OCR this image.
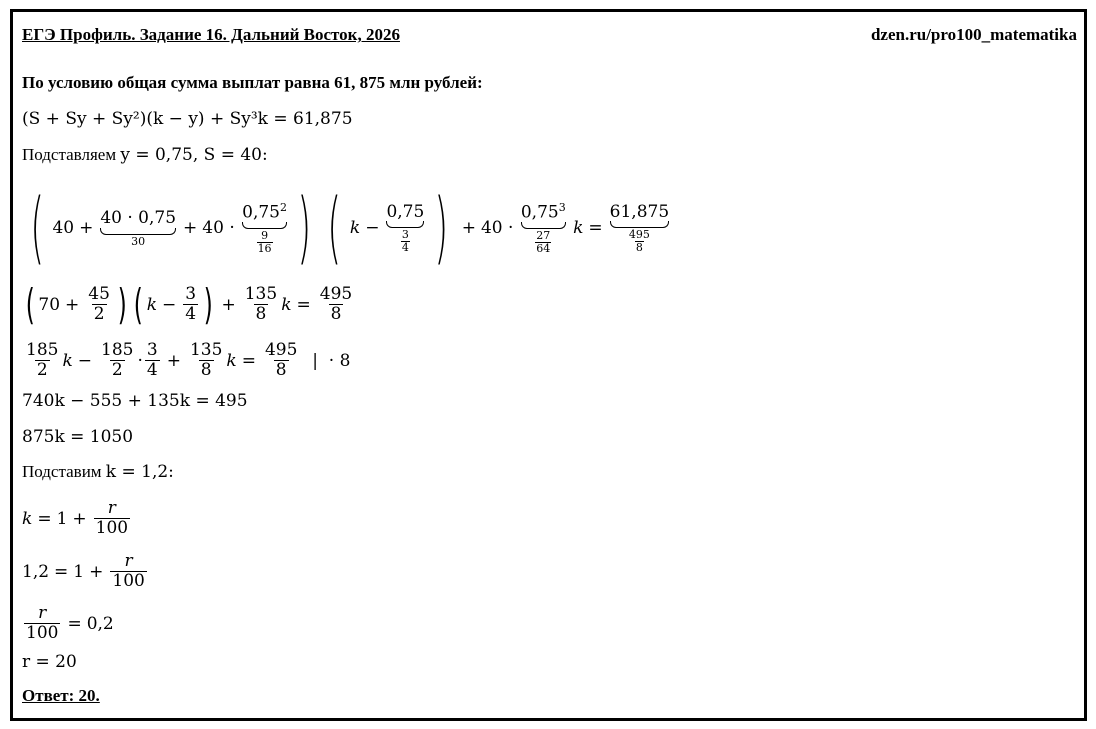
ЕГЭ Профиль. Задание 16. Дальний Восток, 2026	dzen.ru/pro100_matematika
По условию общая сумма выплат равна 61, 875 млн рублей:
(S + Sy + Sy²)(k − y) + Sy³k = 61,875
Подставляем
y = 0,75, S = 40:
( 40 +
40 · 0,75
30
+ 40 ·

0,75$^2$
9
16 ) ( k −
0,75
3
4 ) + 40 ·

0,75$^3$
27
64

k =
61,875
495
8
( $70 + \frac{45}{2}$ ) ( $k - \frac{3}{4}$ ) + $\frac{135}{8}$ $k = \frac{495}{8}$
$\frac{185}{2}$ $k - \frac{185}{2} \cdot \frac{3}{4} + \frac{135}{8}$ $k = \frac{495}{8}$ |  · 8
740k − 555 + 135k = 495
875k = 1050
Подставим
k = 1,2:
$k = 1 + \frac{r}{100}$
$1,2 = 1 + \frac{r}{100}$
$\frac{r}{100} = 0,2$
r = 20
Ответ: 20.
